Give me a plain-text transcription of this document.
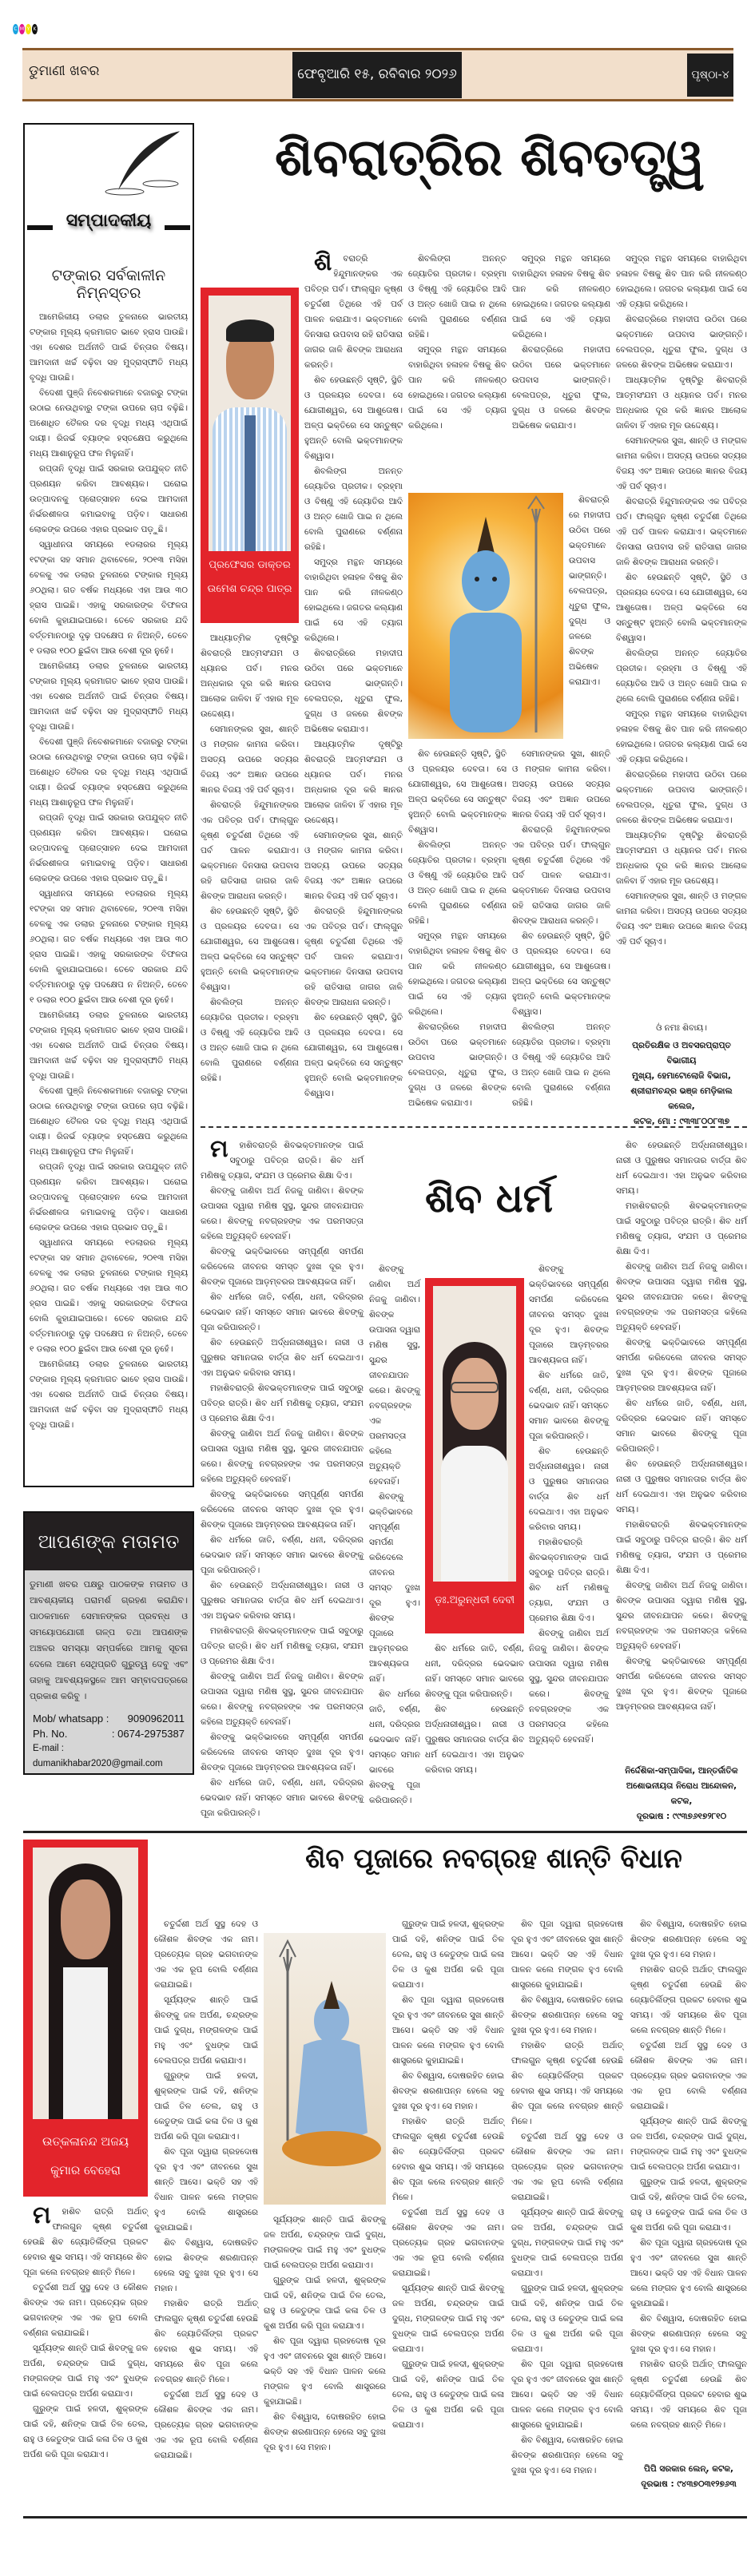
C M Y K
ଡୁମାଣୀ ଖବର	ଫେବୃଆରି ୧୫, ରବିବାର ୨୦୨୬	ପୃଷ୍ଠା-୪
ସମ୍ପାଦକୀୟ
ଟଙ୍କାର ସର୍ବକାଳୀନ ନିମ୍ନସ୍ତର

ଆମେରିକୀୟ ଡଲାର ତୁଳନାରେ ଭାରତୀୟ ଟଙ୍କାର ମୂଲ୍ୟ କ୍ରମାଗତ ଭାବେ ହ୍ରାସ ପାଉଛି। ଏହା ଦେଶର ଅର୍ଥନୀତି ପାଇଁ ଚିନ୍ତାର ବିଷୟ। ଆମଦାନୀ ଖର୍ଚ୍ଚ ବଢ଼ିବା ସହ ମୁଦ୍ରାସ୍ଫୀତି ମଧ୍ୟ ବୃଦ୍ଧି ପାଉଛି।

ବିଦେଶୀ ପୁଞ୍ଜି ନିବେଶକମାନେ ବଜାରରୁ ଟଙ୍କା ଉଠାଇ ନେଉଥିବାରୁ ଟଙ୍କା ଉପରେ ଚାପ ବଢ଼ିଛି। ଅଶୋଧିତ ତୈଳର ଦର ବୃଦ୍ଧି ମଧ୍ୟ ଏଥିପାଇଁ ଦାୟୀ। ରିଜର୍ଭ ବ୍ୟାଙ୍କ ହସ୍ତକ୍ଷେପ କରୁଥିଲେ ମଧ୍ୟ ଆଶାନୁରୂପ ଫଳ ମିଳୁନାହିଁ।

ରପ୍ତାନି ବୃଦ୍ଧି ପାଇଁ ସରକାର ଉପଯୁକ୍ତ ନୀତି ପ୍ରଣୟନ କରିବା ଆବଶ୍ୟକ। ଘରୋଇ ଉତ୍ପାଦନକୁ ପ୍ରୋତ୍ସାହନ ଦେଇ ଆମଦାନୀ ନିର୍ଭରଶୀଳତା କମାଇବାକୁ ପଡ଼ିବ। ସାଧାରଣ ଲୋକଙ୍କ ଉପରେ ଏହାର ପ୍ରଭାବ ପଡ଼ୁଛି।

ସ୍ୱାଧୀନତା ସମୟରେ ୧ଡଲାରର ମୂଲ୍ୟ ୧ଟଙ୍କା ସହ ସମାନ ଥିବାବେଳେ, ୨୦୧୩ ମସିହା ବେଳକୁ ଏକ ଡଲାର ତୁଳନାରେ ଟଙ୍କାର ମୂଲ୍ୟ ୬୦ଥିଲା। ଗତ ବର୍ଷକ ମଧ୍ୟରେ ଏହା ଆଉ ୩୦ ହ୍ରାସ ପାଇଛି। ଏହାକୁ ସରକାରଙ୍କ ବିଫଳତା ବୋଲି କୁହାଯାଇପାରେ। ତେବେ ସରକାର ଯଦି ବର୍ତ୍ତମାନଠାରୁ ଦୃଢ଼ ପଦକ୍ଷେପ ନ ନିଅନ୍ତି, ତେବେ ୧ ଡଲାର ୧୦୦ ଛୁଇଁବା ଆଉ ବେଶୀ ଦୂର ନୁହେଁ।

ଆମେରିକୀୟ ଡଲାର ତୁଳନାରେ ଭାରତୀୟ ଟଙ୍କାର ମୂଲ୍ୟ କ୍ରମାଗତ ଭାବେ ହ୍ରାସ ପାଉଛି। ଏହା ଦେଶର ଅର୍ଥନୀତି ପାଇଁ ଚିନ୍ତାର ବିଷୟ। ଆମଦାନୀ ଖର୍ଚ୍ଚ ବଢ଼ିବା ସହ ମୁଦ୍ରାସ୍ଫୀତି ମଧ୍ୟ ବୃଦ୍ଧି ପାଉଛି।

ବିଦେଶୀ ପୁଞ୍ଜି ନିବେଶକମାନେ ବଜାରରୁ ଟଙ୍କା ଉଠାଇ ନେଉଥିବାରୁ ଟଙ୍କା ଉପରେ ଚାପ ବଢ଼ିଛି। ଅଶୋଧିତ ତୈଳର ଦର ବୃଦ୍ଧି ମଧ୍ୟ ଏଥିପାଇଁ ଦାୟୀ। ରିଜର୍ଭ ବ୍ୟାଙ୍କ ହସ୍ତକ୍ଷେପ କରୁଥିଲେ ମଧ୍ୟ ଆଶାନୁରୂପ ଫଳ ମିଳୁନାହିଁ।

ରପ୍ତାନି ବୃଦ୍ଧି ପାଇଁ ସରକାର ଉପଯୁକ୍ତ ନୀତି ପ୍ରଣୟନ କରିବା ଆବଶ୍ୟକ। ଘରୋଇ ଉତ୍ପାଦନକୁ ପ୍ରୋତ୍ସାହନ ଦେଇ ଆମଦାନୀ ନିର୍ଭରଶୀଳତା କମାଇବାକୁ ପଡ଼ିବ। ସାଧାରଣ ଲୋକଙ୍କ ଉପରେ ଏହାର ପ୍ରଭାବ ପଡ଼ୁଛି।

ସ୍ୱାଧୀନତା ସମୟରେ ୧ଡଲାରର ମୂଲ୍ୟ ୧ଟଙ୍କା ସହ ସମାନ ଥିବାବେଳେ, ୨୦୧୩ ମସିହା ବେଳକୁ ଏକ ଡଲାର ତୁଳନାରେ ଟଙ୍କାର ମୂଲ୍ୟ ୬୦ଥିଲା। ଗତ ବର୍ଷକ ମଧ୍ୟରେ ଏହା ଆଉ ୩୦ ହ୍ରାସ ପାଇଛି। ଏହାକୁ ସରକାରଙ୍କ ବିଫଳତା ବୋଲି କୁହାଯାଇପାରେ। ତେବେ ସରକାର ଯଦି ବର୍ତ୍ତମାନଠାରୁ ଦୃଢ଼ ପଦକ୍ଷେପ ନ ନିଅନ୍ତି, ତେବେ ୧ ଡଲାର ୧୦୦ ଛୁଇଁବା ଆଉ ବେଶୀ ଦୂର ନୁହେଁ।

ଆମେରିକୀୟ ଡଲାର ତୁଳନାରେ ଭାରତୀୟ ଟଙ୍କାର ମୂଲ୍ୟ କ୍ରମାଗତ ଭାବେ ହ୍ରାସ ପାଉଛି। ଏହା ଦେଶର ଅର୍ଥନୀତି ପାଇଁ ଚିନ୍ତାର ବିଷୟ। ଆମଦାନୀ ଖର୍ଚ୍ଚ ବଢ଼ିବା ସହ ମୁଦ୍ରାସ୍ଫୀତି ମଧ୍ୟ ବୃଦ୍ଧି ପାଉଛି।

ବିଦେଶୀ ପୁଞ୍ଜି ନିବେଶକମାନେ ବଜାରରୁ ଟଙ୍କା ଉଠାଇ ନେଉଥିବାରୁ ଟଙ୍କା ଉପରେ ଚାପ ବଢ଼ିଛି। ଅଶୋଧିତ ତୈଳର ଦର ବୃଦ୍ଧି ମଧ୍ୟ ଏଥିପାଇଁ ଦାୟୀ। ରିଜର୍ଭ ବ୍ୟାଙ୍କ ହସ୍ତକ୍ଷେପ କରୁଥିଲେ ମଧ୍ୟ ଆଶାନୁରୂପ ଫଳ ମିଳୁନାହିଁ।

ରପ୍ତାନି ବୃଦ୍ଧି ପାଇଁ ସରକାର ଉପଯୁକ୍ତ ନୀତି ପ୍ରଣୟନ କରିବା ଆବଶ୍ୟକ। ଘରୋଇ ଉତ୍ପାଦନକୁ ପ୍ରୋତ୍ସାହନ ଦେଇ ଆମଦାନୀ ନିର୍ଭରଶୀଳତା କମାଇବାକୁ ପଡ଼ିବ। ସାଧାରଣ ଲୋକଙ୍କ ଉପରେ ଏହାର ପ୍ରଭାବ ପଡ଼ୁଛି।

ସ୍ୱାଧୀନତା ସମୟରେ ୧ଡଲାରର ମୂଲ୍ୟ ୧ଟଙ୍କା ସହ ସମାନ ଥିବାବେଳେ, ୨୦୧୩ ମସିହା ବେଳକୁ ଏକ ଡଲାର ତୁଳନାରେ ଟଙ୍କାର ମୂଲ୍ୟ ୬୦ଥିଲା। ଗତ ବର୍ଷକ ମଧ୍ୟରେ ଏହା ଆଉ ୩୦ ହ୍ରାସ ପାଇଛି। ଏହାକୁ ସରକାରଙ୍କ ବିଫଳତା ବୋଲି କୁହାଯାଇପାରେ। ତେବେ ସରକାର ଯଦି ବର୍ତ୍ତମାନଠାରୁ ଦୃଢ଼ ପଦକ୍ଷେପ ନ ନିଅନ୍ତି, ତେବେ ୧ ଡଲାର ୧୦୦ ଛୁଇଁବା ଆଉ ବେଶୀ ଦୂର ନୁହେଁ।

ଆମେରିକୀୟ ଡଲାର ତୁଳନାରେ ଭାରତୀୟ ଟଙ୍କାର ମୂଲ୍ୟ କ୍ରମାଗତ ଭାବେ ହ୍ରାସ ପାଉଛି। ଏହା ଦେଶର ଅର୍ଥନୀତି ପାଇଁ ଚିନ୍ତାର ବିଷୟ। ଆମଦାନୀ ଖର୍ଚ୍ଚ ବଢ଼ିବା ସହ ମୁଦ୍ରାସ୍ଫୀତି ମଧ୍ୟ ବୃଦ୍ଧି ପାଉଛି।

ଆପଣଙ୍କ ମତାମତ
ଡୁମାଣୀ ଖବର ପକ୍ଷରୁ ପାଠକଙ୍କ ମତାମତ ଓ ଆବଶ୍ୟକୀୟ ପରାମର୍ଶ ଗ୍ରହଣ କରାଯିବ। ପାଠକମାନେ ସେମାନଙ୍କର ପ୍ରବନ୍ଧ ଓ ସମୟୋପଯୋଗୀ ଗଳ୍ପ ତଥା ଆପଣଙ୍କ ଅଞ୍ଚଳର ସମସ୍ୟା ସମ୍ପର୍କରେ ଆମକୁ ସୂଚନା ଦେଲେ ଆମେ ସେଥିପ୍ରତି ଗୁରୁତ୍ୱ ଦେବୁ ଏବଂ ତାହାକୁ ଆବଶ୍ୟକସ୍ଥଳେ ଆମ ସମ୍ବାଦପତ୍ରରେ ପ୍ରକାଶ କରିବୁ ।
Mob/ whatsapp : 9090962011
Ph. No.	: 0674-2975387
E-mail : dumanikhabar2020@gmail.com
ଶିବରାତ୍ରିର ଶିବତତ୍ତ୍ୱ
ପ୍ରଫେସର ଡାକ୍ତର
ଉମେଶ ଚନ୍ଦ୍ର ପାତ୍ର

ଶିବରାତ୍ରି ହିନ୍ଦୁମାନଙ୍କର ଏକ ପବିତ୍ର ପର୍ବ। ଫାଲ୍ଗୁନ କୃଷ୍ଣ ଚତୁର୍ଦ୍ଦଶୀ ତିଥିରେ ଏହି ପର୍ବ ପାଳନ କରାଯାଏ। ଭକ୍ତମାନେ ଦିନସାରା ଉପବାସ ରହି ରାତିସାରା ଜାଗର ଜାଳି ଶିବଙ୍କ ଆରାଧନା କରନ୍ତି।

ଶିବ ହେଉଛନ୍ତି ସୃଷ୍ଟି, ସ୍ଥିତି ଓ ପ୍ରଳୟର ଦେବତା। ସେ ଯୋଗୀଶ୍ୱର, ସେ ଆଶୁତୋଷ। ଅଳ୍ପ ଭକ୍ତିରେ ସେ ସନ୍ତୁଷ୍ଟ ହୁଅନ୍ତି ବୋଲି ଭକ୍ତମାନଙ୍କ ବିଶ୍ୱାସ।

ଶିବଲିଙ୍ଗ ଅନନ୍ତ ଜ୍ୟୋତିର ପ୍ରତୀକ। ବ୍ରହ୍ମା ଓ ବିଷ୍ଣୁ ଏହି ଜ୍ୟୋତିର ଆଦି ଓ ଅନ୍ତ ଖୋଜି ପାଇ ନ ଥିଲେ ବୋଲି ପୁରାଣରେ ବର୍ଣ୍ଣନା ରହିଛି।

ସମୁଦ୍ର ମନ୍ଥନ ସମୟରେ ବାହାରିଥିବା ହଳାହଳ ବିଷକୁ ଶିବ ପାନ କରି ନୀଳକଣ୍ଠ ହୋଇଥିଲେ। ଜଗତର କଲ୍ୟାଣ ପାଇଁ ସେ ଏହି ତ୍ୟାଗ କରିଥିଲେ।

ଶିବରାତ୍ରିରେ ମହାଦୀପ ଉଠିବା ପରେ ଭକ୍ତମାନେ ଉପବାସ ଭାଙ୍ଗନ୍ତି। ବେଲପତ୍ର, ଧୂତୁରା ଫୁଲ, ଦୁଗ୍ଧ ଓ ଜଳରେ ଶିବଙ୍କ ଅଭିଷେକ କରାଯାଏ।

ଆଧ୍ୟାତ୍ମିକ ଦୃଷ୍ଟିରୁ ଶିବରାତ୍ରି ଆତ୍ମସଂଯମ ଓ ଧ୍ୟାନର ପର୍ବ। ମନର ଅନ୍ଧକାର ଦୂର କରି ଜ୍ଞାନର ଆଲୋକ ଜାଳିବା ହିଁ ଏହାର ମୂଳ ଉଦ୍ଦେଶ୍ୟ।

ସେମାନଙ୍କର ସୁଖ, ଶାନ୍ତି ଓ ମଙ୍ଗଳ କାମନା କରିବା। ଅସତ୍ୟ ଉପରେ ସତ୍ୟର ବିଜୟ ଏବଂ ଅଜ୍ଞାନ ଉପରେ ଜ୍ଞାନର ବିଜୟ ଏହି ପର୍ବ ସୂଚାଏ।

ଶିବରାତ୍ରି ହିନ୍ଦୁମାନଙ୍କର ଏକ ପବିତ୍ର ପର୍ବ। ଫାଲ୍ଗୁନ କୃଷ୍ଣ ଚତୁର୍ଦ୍ଦଶୀ ତିଥିରେ ଏହି ପର୍ବ ପାଳନ କରାଯାଏ। ଭକ୍ତମାନେ ଦିନସାରା ଉପବାସ ରହି ରାତିସାରା ଜାଗର ଜାଳି ଶିବଙ୍କ ଆରାଧନା କରନ୍ତି।

ଶିବ ହେଉଛନ୍ତି ସୃଷ୍ଟି, ସ୍ଥିତି ଓ ପ୍ରଳୟର ଦେବତା। ସେ ଯୋଗୀଶ୍ୱର, ସେ ଆଶୁତୋଷ। ଅଳ୍ପ ଭକ୍ତିରେ ସେ ସନ୍ତୁଷ୍ଟ ହୁଅନ୍ତି ବୋଲି ଭକ୍ତମାନଙ୍କ ବିଶ୍ୱାସ।

ଶିବଲିଙ୍ଗ ଅନନ୍ତ ଜ୍ୟୋତିର ପ୍ରତୀକ। ବ୍ରହ୍ମା ଓ ବିଷ୍ଣୁ ଏହି ଜ୍ୟୋତିର ଆଦି ଓ ଅନ୍ତ ଖୋଜି ପାଇ ନ ଥିଲେ ବୋଲି ପୁରାଣରେ ବର୍ଣ୍ଣନା ରହିଛି।

ସମୁଦ୍ର ମନ୍ଥନ ସମୟରେ ବାହାରିଥିବା ହଳାହଳ ବିଷକୁ ଶିବ ପାନ କରି ନୀଳକଣ୍ଠ ହୋଇଥିଲେ। ଜଗତର କଲ୍ୟାଣ ପାଇଁ ସେ ଏହି ତ୍ୟାଗ କରିଥିଲେ।

ସମୁଦ୍ର ମନ୍ଥନ ସମୟରେ ବାହାରିଥିବା ହଳାହଳ ବିଷକୁ ଶିବ ପାନ କରି ନୀଳକଣ୍ଠ ହୋଇଥିଲେ। ଜଗତର କଲ୍ୟାଣ ପାଇଁ ସେ ଏହି ତ୍ୟାଗ କରିଥିଲେ।

ଶିବରାତ୍ରିରେ ମହାଦୀପ ଉଠିବା ପରେ ଭକ୍ତମାନେ ଉପବାସ ଭାଙ୍ଗନ୍ତି। ବେଲପତ୍ର, ଧୂତୁରା ଫୁଲ, ଦୁଗ୍ଧ ଓ ଜଳରେ ଶିବଙ୍କ ଅଭିଷେକ କରାଯାଏ।

ଶିବରାତ୍ରିରେ ମହାଦୀପ ଉଠିବା ପରେ ଭକ୍ତମାନେ ଉପବାସ ଭାଙ୍ଗନ୍ତି। ବେଲପତ୍ର, ଧୂତୁରା ଫୁଲ, ଦୁଗ୍ଧ ଓ ଜଳରେ ଶିବଙ୍କ ଅଭିଷେକ କରାଯାଏ।

ଆଧ୍ୟାତ୍ମିକ ଦୃଷ୍ଟିରୁ ଶିବରାତ୍ରି ଆତ୍ମସଂଯମ ଓ ଧ୍ୟାନର ପର୍ବ। ମନର ଅନ୍ଧକାର ଦୂର କରି ଜ୍ଞାନର ଆଲୋକ ଜାଳିବା ହିଁ ଏହାର ମୂଳ ଉଦ୍ଦେଶ୍ୟ।

ସେମାନଙ୍କର ସୁଖ, ଶାନ୍ତି ଓ ମଙ୍ଗଳ କାମନା କରିବା। ଅସତ୍ୟ ଉପରେ ସତ୍ୟର ବିଜୟ ଏବଂ ଅଜ୍ଞାନ ଉପରେ ଜ୍ଞାନର ବିଜୟ ଏହି ପର୍ବ ସୂଚାଏ।

ଶିବରାତ୍ରି ହିନ୍ଦୁମାନଙ୍କର ଏକ ପବିତ୍ର ପର୍ବ। ଫାଲ୍ଗୁନ କୃଷ୍ଣ ଚତୁର୍ଦ୍ଦଶୀ ତିଥିରେ ଏହି ପର୍ବ ପାଳନ କରାଯାଏ। ଭକ୍ତମାନେ ଦିନସାରା ଉପବାସ ରହି ରାତିସାରା ଜାଗର ଜାଳି ଶିବଙ୍କ ଆରାଧନା କରନ୍ତି।

ଶିବ ହେଉଛନ୍ତି ସୃଷ୍ଟି, ସ୍ଥିତି ଓ ପ୍ରଳୟର ଦେବତା। ସେ ଯୋଗୀଶ୍ୱର, ସେ ଆଶୁତୋଷ। ଅଳ୍ପ ଭକ୍ତିରେ ସେ ସନ୍ତୁଷ୍ଟ ହୁଅନ୍ତି ବୋଲି ଭକ୍ତମାନଙ୍କ ବିଶ୍ୱାସ।

ଶିବଲିଙ୍ଗ ଅନନ୍ତ ଜ୍ୟୋତିର ପ୍ରତୀକ। ବ୍ରହ୍ମା ଓ ବିଷ୍ଣୁ ଏହି ଜ୍ୟୋତିର ଆଦି ଓ ଅନ୍ତ ଖୋଜି ପାଇ ନ ଥିଲେ ବୋଲି ପୁରାଣରେ ବର୍ଣ୍ଣନା ରହିଛି।

ଶିବ ହେଉଛନ୍ତି ସୃଷ୍ଟି, ସ୍ଥିତି ଓ ପ୍ରଳୟର ଦେବତା। ସେ ଯୋଗୀଶ୍ୱର, ସେ ଆଶୁତୋଷ। ଅଳ୍ପ ଭକ୍ତିରେ ସେ ସନ୍ତୁଷ୍ଟ ହୁଅନ୍ତି ବୋଲି ଭକ୍ତମାନଙ୍କ ବିଶ୍ୱାସ।

ଶିବଲିଙ୍ଗ ଅନନ୍ତ ଜ୍ୟୋତିର ପ୍ରତୀକ। ବ୍ରହ୍ମା ଓ ବିଷ୍ଣୁ ଏହି ଜ୍ୟୋତିର ଆଦି ଓ ଅନ୍ତ ଖୋଜି ପାଇ ନ ଥିଲେ ବୋଲି ପୁରାଣରେ ବର୍ଣ୍ଣନା ରହିଛି।

ସମୁଦ୍ର ମନ୍ଥନ ସମୟରେ ବାହାରିଥିବା ହଳାହଳ ବିଷକୁ ଶିବ ପାନ କରି ନୀଳକଣ୍ଠ ହୋଇଥିଲେ। ଜଗତର କଲ୍ୟାଣ ପାଇଁ ସେ ଏହି ତ୍ୟାଗ କରିଥିଲେ।

ଶିବରାତ୍ରିରେ ମହାଦୀପ ଉଠିବା ପରେ ଭକ୍ତମାନେ ଉପବାସ ଭାଙ୍ଗନ୍ତି। ବେଲପତ୍ର, ଧୂତୁରା ଫୁଲ, ଦୁଗ୍ଧ ଓ ଜଳରେ ଶିବଙ୍କ ଅଭିଷେକ କରାଯାଏ।

ସେମାନଙ୍କର ସୁଖ, ଶାନ୍ତି ଓ ମଙ୍ଗଳ କାମନା କରିବା। ଅସତ୍ୟ ଉପରେ ସତ୍ୟର ବିଜୟ ଏବଂ ଅଜ୍ଞାନ ଉପରେ ଜ୍ଞାନର ବିଜୟ ଏହି ପର୍ବ ସୂଚାଏ।

ଶିବରାତ୍ରି ହିନ୍ଦୁମାନଙ୍କର ଏକ ପବିତ୍ର ପର୍ବ। ଫାଲ୍ଗୁନ କୃଷ୍ଣ ଚତୁର୍ଦ୍ଦଶୀ ତିଥିରେ ଏହି ପର୍ବ ପାଳନ କରାଯାଏ। ଭକ୍ତମାନେ ଦିନସାରା ଉପବାସ ରହି ରାତିସାରା ଜାଗର ଜାଳି ଶିବଙ୍କ ଆରାଧନା କରନ୍ତି।

ଶିବ ହେଉଛନ୍ତି ସୃଷ୍ଟି, ସ୍ଥିତି ଓ ପ୍ରଳୟର ଦେବତା। ସେ ଯୋଗୀଶ୍ୱର, ସେ ଆଶୁତୋଷ। ଅଳ୍ପ ଭକ୍ତିରେ ସେ ସନ୍ତୁଷ୍ଟ ହୁଅନ୍ତି ବୋଲି ଭକ୍ତମାନଙ୍କ ବିଶ୍ୱାସ।

ଶିବଲିଙ୍ଗ ଅନନ୍ତ ଜ୍ୟୋତିର ପ୍ରତୀକ। ବ୍ରହ୍ମା ଓ ବିଷ୍ଣୁ ଏହି ଜ୍ୟୋତିର ଆଦି ଓ ଅନ୍ତ ଖୋଜି ପାଇ ନ ଥିଲେ ବୋଲି ପୁରାଣରେ ବର୍ଣ୍ଣନା ରହିଛି।

ସମୁଦ୍ର ମନ୍ଥନ ସମୟରେ ବାହାରିଥିବା ହଳାହଳ ବିଷକୁ ଶିବ ପାନ କରି ନୀଳକଣ୍ଠ ହୋଇଥିଲେ। ଜଗତର କଲ୍ୟାଣ ପାଇଁ ସେ ଏହି ତ୍ୟାଗ କରିଥିଲେ।

ଶିବରାତ୍ରିରେ ମହାଦୀପ ଉଠିବା ପରେ ଭକ୍ତମାନେ ଉପବାସ ଭାଙ୍ଗନ୍ତି। ବେଲପତ୍ର, ଧୂତୁରା ଫୁଲ, ଦୁଗ୍ଧ ଓ ଜଳରେ ଶିବଙ୍କ ଅଭିଷେକ କରାଯାଏ।

ଆଧ୍ୟାତ୍ମିକ ଦୃଷ୍ଟିରୁ ଶିବରାତ୍ରି ଆତ୍ମସଂଯମ ଓ ଧ୍ୟାନର ପର୍ବ। ମନର ଅନ୍ଧକାର ଦୂର କରି ଜ୍ଞାନର ଆଲୋକ ଜାଳିବା ହିଁ ଏହାର ମୂଳ ଉଦ୍ଦେଶ୍ୟ।

ସେମାନଙ୍କର ସୁଖ, ଶାନ୍ତି ଓ ମଙ୍ଗଳ କାମନା କରିବା। ଅସତ୍ୟ ଉପରେ ସତ୍ୟର ବିଜୟ ଏବଂ ଅଜ୍ଞାନ ଉପରେ ଜ୍ଞାନର ବିଜୟ ଏହି ପର୍ବ ସୂଚାଏ।

ଶିବରାତ୍ରି ହିନ୍ଦୁମାନଙ୍କର ଏକ ପବିତ୍ର ପର୍ବ। ଫାଲ୍ଗୁନ କୃଷ୍ଣ ଚତୁର୍ଦ୍ଦଶୀ ତିଥିରେ ଏହି ପର୍ବ ପାଳନ କରାଯାଏ। ଭକ୍ତମାନେ ଦିନସାରା ଉପବାସ ରହି ରାତିସାରା ଜାଗର ଜାଳି ଶିବଙ୍କ ଆରାଧନା କରନ୍ତି।

ଶିବ ହେଉଛନ୍ତି ସୃଷ୍ଟି, ସ୍ଥିତି ଓ ପ୍ରଳୟର ଦେବତା। ସେ ଯୋଗୀଶ୍ୱର, ସେ ଆଶୁତୋଷ। ଅଳ୍ପ ଭକ୍ତିରେ ସେ ସନ୍ତୁଷ୍ଟ ହୁଅନ୍ତି ବୋଲି ଭକ୍ତମାନଙ୍କ ବିଶ୍ୱାସ।

ଶିବଲିଙ୍ଗ ଅନନ୍ତ ଜ୍ୟୋତିର ପ୍ରତୀକ। ବ୍ରହ୍ମା ଓ ବିଷ୍ଣୁ ଏହି ଜ୍ୟୋତିର ଆଦି ଓ ଅନ୍ତ ଖୋଜି ପାଇ ନ ଥିଲେ ବୋଲି ପୁରାଣରେ ବର୍ଣ୍ଣନା ରହିଛି।

ସମୁଦ୍ର ମନ୍ଥନ ସମୟରେ ବାହାରିଥିବା ହଳାହଳ ବିଷକୁ ଶିବ ପାନ କରି ନୀଳକଣ୍ଠ ହୋଇଥିଲେ। ଜଗତର କଲ୍ୟାଣ ପାଇଁ ସେ ଏହି ତ୍ୟାଗ କରିଥିଲେ।

ଶିବରାତ୍ରିରେ ମହାଦୀପ ଉଠିବା ପରେ ଭକ୍ତମାନେ ଉପବାସ ଭାଙ୍ଗନ୍ତି। ବେଲପତ୍ର, ଧୂତୁରା ଫୁଲ, ଦୁଗ୍ଧ ଓ ଜଳରେ ଶିବଙ୍କ ଅଭିଷେକ କରାଯାଏ।

ଆଧ୍ୟାତ୍ମିକ ଦୃଷ୍ଟିରୁ ଶିବରାତ୍ରି ଆତ୍ମସଂଯମ ଓ ଧ୍ୟାନର ପର୍ବ। ମନର ଅନ୍ଧକାର ଦୂର କରି ଜ୍ଞାନର ଆଲୋକ ଜାଳିବା ହିଁ ଏହାର ମୂଳ ଉଦ୍ଦେଶ୍ୟ।

ସେମାନଙ୍କର ସୁଖ, ଶାନ୍ତି ଓ ମଙ୍ଗଳ କାମନା କରିବା। ଅସତ୍ୟ ଉପରେ ସତ୍ୟର ବିଜୟ ଏବଂ ଅଜ୍ଞାନ ଉପରେ ଜ୍ଞାନର ବିଜୟ ଏହି ପର୍ବ ସୂଚାଏ।

ଓଁ ନମଃ ଶିବାୟ।
ପ୍ରତିରକ୍ଷିକ ଓ ଅବସରପ୍ରାପ୍ତ ବିଭାଗୀୟ
ମୁଖ୍ୟ, ହେମାଟୋଲୋଜି ବିଭାଗ,
ଶ୍ରୀରାମଚନ୍ଦ୍ର ଭଞ୍ଜ ମେଡ଼ିକାଲ କଲେଜ,
କଟକ, ମୋ : ୯୩୩୮୦୦୮୩୭

ମହାଶିବରାତ୍ରି ଶିବଭକ୍ତମାନଙ୍କ ପାଇଁ ସବୁଠାରୁ ପବିତ୍ର ରାତ୍ରି। ଶିବ ଧର୍ମ ମଣିଷକୁ ତ୍ୟାଗ, ସଂଯମ ଓ ପ୍ରେମର ଶିକ୍ଷା ଦିଏ।

ଶିବଙ୍କୁ ଜାଣିବା ଅର୍ଥ ନିଜକୁ ଜାଣିବା। ଶିବଙ୍କ ଉପାସନା ଦ୍ୱାରା ମଣିଷ ସୁସ୍ଥ, ସୁନ୍ଦର ଜୀବନଯାପନ କରେ। ଶିବଙ୍କୁ ନବଗ୍ରହଙ୍କ ଏକ ପରମସତ୍ତା କହିଲେ ଅତ୍ୟୁକ୍ତି ହେବନାହିଁ।

ଶିବଙ୍କୁ ଭକ୍ତିଭାବରେ ସମ୍ପୂର୍ଣ୍ଣ ସମର୍ପଣ କରିଦେଲେ ଜୀବନର ସମସ୍ତ ଦୁଃଖ ଦୂର ହୁଏ। ଶିବଙ୍କ ପୂଜାରେ ଆଡ଼ମ୍ବରର ଆବଶ୍ୟକତା ନାହିଁ।

ଶିବ ଧର୍ମରେ ଜାତି, ବର୍ଣ୍ଣ, ଧନୀ, ଦରିଦ୍ରର ଭେଦଭାବ ନାହିଁ। ସମସ୍ତେ ସମାନ ଭାବରେ ଶିବଙ୍କୁ ପୂଜା କରିପାରନ୍ତି।

ଶିବ ହେଉଛନ୍ତି ଅର୍ଦ୍ଧନାରୀଶ୍ୱର। ନାରୀ ଓ ପୁରୁଷର ସମାନତାର ବାର୍ତ୍ତା ଶିବ ଧର୍ମ ଦେଇଥାଏ। ଏହା ଅନୁଭବ କରିବାର ସମୟ।

ମହାଶିବରାତ୍ରି ଶିବଭକ୍ତମାନଙ୍କ ପାଇଁ ସବୁଠାରୁ ପବିତ୍ର ରାତ୍ରି। ଶିବ ଧର୍ମ ମଣିଷକୁ ତ୍ୟାଗ, ସଂଯମ ଓ ପ୍ରେମର ଶିକ୍ଷା ଦିଏ।

ଶିବଙ୍କୁ ଜାଣିବା ଅର୍ଥ ନିଜକୁ ଜାଣିବା। ଶିବଙ୍କ ଉପାସନା ଦ୍ୱାରା ମଣିଷ ସୁସ୍ଥ, ସୁନ୍ଦର ଜୀବନଯାପନ କରେ। ଶିବଙ୍କୁ ନବଗ୍ରହଙ୍କ ଏକ ପରମସତ୍ତା କହିଲେ ଅତ୍ୟୁକ୍ତି ହେବନାହିଁ।

ଶିବଙ୍କୁ ଭକ୍ତିଭାବରେ ସମ୍ପୂର୍ଣ୍ଣ ସମର୍ପଣ କରିଦେଲେ ଜୀବନର ସମସ୍ତ ଦୁଃଖ ଦୂର ହୁଏ। ଶିବଙ୍କ ପୂଜାରେ ଆଡ଼ମ୍ବରର ଆବଶ୍ୟକତା ନାହିଁ।

ଶିବ ଧର୍ମରେ ଜାତି, ବର୍ଣ୍ଣ, ଧନୀ, ଦରିଦ୍ରର ଭେଦଭାବ ନାହିଁ। ସମସ୍ତେ ସମାନ ଭାବରେ ଶିବଙ୍କୁ ପୂଜା କରିପାରନ୍ତି।

ଶିବ ହେଉଛନ୍ତି ଅର୍ଦ୍ଧନାରୀଶ୍ୱର। ନାରୀ ଓ ପୁରୁଷର ସମାନତାର ବାର୍ତ୍ତା ଶିବ ଧର୍ମ ଦେଇଥାଏ। ଏହା ଅନୁଭବ କରିବାର ସମୟ।

ମହାଶିବରାତ୍ରି ଶିବଭକ୍ତମାନଙ୍କ ପାଇଁ ସବୁଠାରୁ ପବିତ୍ର ରାତ୍ରି। ଶିବ ଧର୍ମ ମଣିଷକୁ ତ୍ୟାଗ, ସଂଯମ ଓ ପ୍ରେମର ଶିକ୍ଷା ଦିଏ।

ଶିବଙ୍କୁ ଜାଣିବା ଅର୍ଥ ନିଜକୁ ଜାଣିବା। ଶିବଙ୍କ ଉପାସନା ଦ୍ୱାରା ମଣିଷ ସୁସ୍ଥ, ସୁନ୍ଦର ଜୀବନଯାପନ କରେ। ଶିବଙ୍କୁ ନବଗ୍ରହଙ୍କ ଏକ ପରମସତ୍ତା କହିଲେ ଅତ୍ୟୁକ୍ତି ହେବନାହିଁ।

ଶିବଙ୍କୁ ଭକ୍ତିଭାବରେ ସମ୍ପୂର୍ଣ୍ଣ ସମର୍ପଣ କରିଦେଲେ ଜୀବନର ସମସ୍ତ ଦୁଃଖ ଦୂର ହୁଏ। ଶିବଙ୍କ ପୂଜାରେ ଆଡ଼ମ୍ବରର ଆବଶ୍ୟକତା ନାହିଁ।

ଶିବ ଧର୍ମରେ ଜାତି, ବର୍ଣ୍ଣ, ଧନୀ, ଦରିଦ୍ରର ଭେଦଭାବ ନାହିଁ। ସମସ୍ତେ ସମାନ ଭାବରେ ଶିବଙ୍କୁ ପୂଜା କରିପାରନ୍ତି।

ଶିବ ଧର୍ମ

ଶିବଙ୍କୁ ଜାଣିବା ଅର୍ଥ ନିଜକୁ ଜାଣିବା। ଶିବଙ୍କ ଉପାସନା ଦ୍ୱାରା ମଣିଷ ସୁସ୍ଥ, ସୁନ୍ଦର ଜୀବନଯାପନ କରେ। ଶିବଙ୍କୁ ନବଗ୍ରହଙ୍କ ଏକ ପରମସତ୍ତା କହିଲେ ଅତ୍ୟୁକ୍ତି ହେବନାହିଁ।

ଶିବଙ୍କୁ ଭକ୍ତିଭାବରେ ସମ୍ପୂର୍ଣ୍ଣ ସମର୍ପଣ କରିଦେଲେ ଜୀବନର ସମସ୍ତ ଦୁଃଖ ଦୂର ହୁଏ। ଶିବଙ୍କ ପୂଜାରେ ଆଡ଼ମ୍ବରର ଆବଶ୍ୟକତା ନାହିଁ।

ଶିବ ଧର୍ମରେ ଜାତି, ବର୍ଣ୍ଣ, ଧନୀ, ଦରିଦ୍ରର ଭେଦଭାବ ନାହିଁ। ସମସ୍ତେ ସମାନ ଭାବରେ ଶିବଙ୍କୁ ପୂଜା କରିପାରନ୍ତି।

ଡ଼ଃ.ଅରୁନ୍ଧତୀ ଦେବୀ

ଶିବ ଧର୍ମରେ ଜାତି, ବର୍ଣ୍ଣ, ଧନୀ, ଦରିଦ୍ରର ଭେଦଭାବ ନାହିଁ। ସମସ୍ତେ ସମାନ ଭାବରେ ଶିବଙ୍କୁ ପୂଜା କରିପାରନ୍ତି।

ଶିବ ହେଉଛନ୍ତି ଅର୍ଦ୍ଧନାରୀଶ୍ୱର। ନାରୀ ଓ ପୁରୁଷର ସମାନତାର ବାର୍ତ୍ତା ଶିବ ଧର୍ମ ଦେଇଥାଏ। ଏହା ଅନୁଭବ କରିବାର ସମୟ।

ଶିବଙ୍କୁ ଭକ୍ତିଭାବରେ ସମ୍ପୂର୍ଣ୍ଣ ସମର୍ପଣ କରିଦେଲେ ଜୀବନର ସମସ୍ତ ଦୁଃଖ ଦୂର ହୁଏ। ଶିବଙ୍କ ପୂଜାରେ ଆଡ଼ମ୍ବରର ଆବଶ୍ୟକତା ନାହିଁ।

ଶିବ ଧର୍ମରେ ଜାତି, ବର୍ଣ୍ଣ, ଧନୀ, ଦରିଦ୍ରର ଭେଦଭାବ ନାହିଁ। ସମସ୍ତେ ସମାନ ଭାବରେ ଶିବଙ୍କୁ ପୂଜା କରିପାରନ୍ତି।

ଶିବ ହେଉଛନ୍ତି ଅର୍ଦ୍ଧନାରୀଶ୍ୱର। ନାରୀ ଓ ପୁରୁଷର ସମାନତାର ବାର୍ତ୍ତା ଶିବ ଧର୍ମ ଦେଇଥାଏ। ଏହା ଅନୁଭବ କରିବାର ସମୟ।

ମହାଶିବରାତ୍ରି ଶିବଭକ୍ତମାନଙ୍କ ପାଇଁ ସବୁଠାରୁ ପବିତ୍ର ରାତ୍ରି। ଶିବ ଧର୍ମ ମଣିଷକୁ ତ୍ୟାଗ, ସଂଯମ ଓ ପ୍ରେମର ଶିକ୍ଷା ଦିଏ।

ଶିବଙ୍କୁ ଜାଣିବା ଅର୍ଥ ନିଜକୁ ଜାଣିବା। ଶିବଙ୍କ ଉପାସନା ଦ୍ୱାରା ମଣିଷ ସୁସ୍ଥ, ସୁନ୍ଦର ଜୀବନଯାପନ କରେ। ଶିବଙ୍କୁ ନବଗ୍ରହଙ୍କ ଏକ ପରମସତ୍ତା କହିଲେ ଅତ୍ୟୁକ୍ତି ହେବନାହିଁ।

ଶିବ ହେଉଛନ୍ତି ଅର୍ଦ୍ଧନାରୀଶ୍ୱର। ନାରୀ ଓ ପୁରୁଷର ସମାନତାର ବାର୍ତ୍ତା ଶିବ ଧର୍ମ ଦେଇଥାଏ। ଏହା ଅନୁଭବ କରିବାର ସମୟ।

ମହାଶିବରାତ୍ରି ଶିବଭକ୍ତମାନଙ୍କ ପାଇଁ ସବୁଠାରୁ ପବିତ୍ର ରାତ୍ରି। ଶିବ ଧର୍ମ ମଣିଷକୁ ତ୍ୟାଗ, ସଂଯମ ଓ ପ୍ରେମର ଶିକ୍ଷା ଦିଏ।

ଶିବଙ୍କୁ ଜାଣିବା ଅର୍ଥ ନିଜକୁ ଜାଣିବା। ଶିବଙ୍କ ଉପାସନା ଦ୍ୱାରା ମଣିଷ ସୁସ୍ଥ, ସୁନ୍ଦର ଜୀବନଯାପନ କରେ। ଶିବଙ୍କୁ ନବଗ୍ରହଙ୍କ ଏକ ପରମସତ୍ତା କହିଲେ ଅତ୍ୟୁକ୍ତି ହେବନାହିଁ।

ଶିବଙ୍କୁ ଭକ୍ତିଭାବରେ ସମ୍ପୂର୍ଣ୍ଣ ସମର୍ପଣ କରିଦେଲେ ଜୀବନର ସମସ୍ତ ଦୁଃଖ ଦୂର ହୁଏ। ଶିବଙ୍କ ପୂଜାରେ ଆଡ଼ମ୍ବରର ଆବଶ୍ୟକତା ନାହିଁ।

ଶିବ ଧର୍ମରେ ଜାତି, ବର୍ଣ୍ଣ, ଧନୀ, ଦରିଦ୍ରର ଭେଦଭାବ ନାହିଁ। ସମସ୍ତେ ସମାନ ଭାବରେ ଶିବଙ୍କୁ ପୂଜା କରିପାରନ୍ତି।

ଶିବ ହେଉଛନ୍ତି ଅର୍ଦ୍ଧନାରୀଶ୍ୱର। ନାରୀ ଓ ପୁରୁଷର ସମାନତାର ବାର୍ତ୍ତା ଶିବ ଧର୍ମ ଦେଇଥାଏ। ଏହା ଅନୁଭବ କରିବାର ସମୟ।

ମହାଶିବରାତ୍ରି ଶିବଭକ୍ତମାନଙ୍କ ପାଇଁ ସବୁଠାରୁ ପବିତ୍ର ରାତ୍ରି। ଶିବ ଧର୍ମ ମଣିଷକୁ ତ୍ୟାଗ, ସଂଯମ ଓ ପ୍ରେମର ଶିକ୍ଷା ଦିଏ।

ଶିବଙ୍କୁ ଜାଣିବା ଅର୍ଥ ନିଜକୁ ଜାଣିବା। ଶିବଙ୍କ ଉପାସନା ଦ୍ୱାରା ମଣିଷ ସୁସ୍ଥ, ସୁନ୍ଦର ଜୀବନଯାପନ କରେ। ଶିବଙ୍କୁ ନବଗ୍ରହଙ୍କ ଏକ ପରମସତ୍ତା କହିଲେ ଅତ୍ୟୁକ୍ତି ହେବନାହିଁ।

ଶିବଙ୍କୁ ଭକ୍ତିଭାବରେ ସମ୍ପୂର୍ଣ୍ଣ ସମର୍ପଣ କରିଦେଲେ ଜୀବନର ସମସ୍ତ ଦୁଃଖ ଦୂର ହୁଏ। ଶିବଙ୍କ ପୂଜାରେ ଆଡ଼ମ୍ବରର ଆବଶ୍ୟକତା ନାହିଁ।

ନିର୍ଦ୍ଦେଶିକା-ସମ୍ପାଦିକା, ଆନ୍ତର୍ଜାତିକ
ଅଶୋଭନୀୟତା ନିରୋଧ ଆନ୍ଦୋଳନ, କଟକ,
ଦୂରଭାଷ : ୯୯୩୭୬୧୭୨୮୧୦
ଉତ୍କଳାନନ୍ଦ ଅଜୟ
କୁମାର ବେହେରା
ଶିବ ପୂଜାରେ ନବଗ୍ରହ ଶାନ୍ତି ବିଧାନ

ଚତୁର୍ଦ୍ଦଶୀ ଅର୍ଥ ସୁସ୍ଥ ଦେହ ଓ କୌଶଳ ଶିବଙ୍କ ଏକ ନାମ। ପ୍ରତ୍ୟେକ ଗ୍ରହ ଭଗବାନଙ୍କ ଏକ ଏକ ରୂପ ବୋଲି ବର୍ଣ୍ଣନା କରାଯାଇଛି।

ସୂର୍ଯ୍ୟଙ୍କ ଶାନ୍ତି ପାଇଁ ଶିବଙ୍କୁ ଜଳ ଅର୍ପଣ, ଚନ୍ଦ୍ରଙ୍କ ପାଇଁ ଦୁଗ୍ଧ, ମଙ୍ଗଳଙ୍କ ପାଇଁ ମହୁ ଏବଂ ବୁଧଙ୍କ ପାଇଁ ବେଲପତ୍ର ଅର୍ପଣ କରାଯାଏ।

ଗୁରୁଙ୍କ ପାଇଁ ହଳଦୀ, ଶୁକ୍ରଙ୍କ ପାଇଁ ଦହି, ଶନିଙ୍କ ପାଇଁ ତିଳ ତେଲ, ରାହୁ ଓ କେତୁଙ୍କ ପାଇଁ କଳା ତିଳ ଓ କୁଶ ଅର୍ପଣ କରି ପୂଜା କରାଯାଏ।

ଶିବ ପୂଜା ଦ୍ୱାରା ଗ୍ରହଦୋଷ ଦୂର ହୁଏ ଏବଂ ଜୀବନରେ ସୁଖ ଶାନ୍ତି ଆସେ। ଭକ୍ତି ସହ ଏହି ବିଧାନ ପାଳନ କଲେ ମଙ୍ଗଳ ହୁଏ ବୋଲି ଶାସ୍ତ୍ରରେ କୁହାଯାଇଛି।

ଶିବ ବିଶ୍ୱାସ, ଦୋଷରହିତ ହୋଇ ଶିବଙ୍କ ଶରଣାପନ୍ନ ହେଲେ ସବୁ ଦୁଃଖ ଦୂର ହୁଏ। ସେ ମହାନ।

ମହାଶିବ ରାତ୍ରି ଅର୍ଥାତ୍ ଫାଲଗୁନ କୃଷ୍ଣ ଚତୁର୍ଦ୍ଦଶୀ ହେଉଛି ଶିବ ଜ୍ୟୋତିର୍ଲିଙ୍ଗ ପ୍ରକଟ ହେବାର ଶୁଭ ସମୟ। ଏହି ସମୟରେ ଶିବ ପୂଜା କଲେ ନବଗ୍ରହ ଶାନ୍ତି ମିଳେ।

ଚତୁର୍ଦ୍ଦଶୀ ଅର୍ଥ ସୁସ୍ଥ ଦେହ ଓ କୌଶଳ ଶିବଙ୍କ ଏକ ନାମ। ପ୍ରତ୍ୟେକ ଗ୍ରହ ଭଗବାନଙ୍କ ଏକ ଏକ ରୂପ ବୋଲି ବର୍ଣ୍ଣନା କରାଯାଇଛି।

ମହାଶିବ ରାତ୍ରି ଅର୍ଥାତ୍ ଫାଲଗୁନ କୃଷ୍ଣ ଚତୁର୍ଦ୍ଦଶୀ ହେଉଛି ଶିବ ଜ୍ୟୋତିର୍ଲିଙ୍ଗ ପ୍ରକଟ ହେବାର ଶୁଭ ସମୟ। ଏହି ସମୟରେ ଶିବ ପୂଜା କଲେ ନବଗ୍ରହ ଶାନ୍ତି ମିଳେ।

ଚତୁର୍ଦ୍ଦଶୀ ଅର୍ଥ ସୁସ୍ଥ ଦେହ ଓ କୌଶଳ ଶିବଙ୍କ ଏକ ନାମ। ପ୍ରତ୍ୟେକ ଗ୍ରହ ଭଗବାନଙ୍କ ଏକ ଏକ ରୂପ ବୋଲି ବର୍ଣ୍ଣନା କରାଯାଇଛି।

ସୂର୍ଯ୍ୟଙ୍କ ଶାନ୍ତି ପାଇଁ ଶିବଙ୍କୁ ଜଳ ଅର୍ପଣ, ଚନ୍ଦ୍ରଙ୍କ ପାଇଁ ଦୁଗ୍ଧ, ମଙ୍ଗଳଙ୍କ ପାଇଁ ମହୁ ଏବଂ ବୁଧଙ୍କ ପାଇଁ ବେଲପତ୍ର ଅର୍ପଣ କରାଯାଏ।

ଗୁରୁଙ୍କ ପାଇଁ ହଳଦୀ, ଶୁକ୍ରଙ୍କ ପାଇଁ ଦହି, ଶନିଙ୍କ ପାଇଁ ତିଳ ତେଲ, ରାହୁ ଓ କେତୁଙ୍କ ପାଇଁ କଳା ତିଳ ଓ କୁଶ ଅର୍ପଣ କରି ପୂଜା କରାଯାଏ।

ସୂର୍ଯ୍ୟଙ୍କ ଶାନ୍ତି ପାଇଁ ଶିବଙ୍କୁ ଜଳ ଅର୍ପଣ, ଚନ୍ଦ୍ରଙ୍କ ପାଇଁ ଦୁଗ୍ଧ, ମଙ୍ଗଳଙ୍କ ପାଇଁ ମହୁ ଏବଂ ବୁଧଙ୍କ ପାଇଁ ବେଲପତ୍ର ଅର୍ପଣ କରାଯାଏ।

ଗୁରୁଙ୍କ ପାଇଁ ହଳଦୀ, ଶୁକ୍ରଙ୍କ ପାଇଁ ଦହି, ଶନିଙ୍କ ପାଇଁ ତିଳ ତେଲ, ରାହୁ ଓ କେତୁଙ୍କ ପାଇଁ କଳା ତିଳ ଓ କୁଶ ଅର୍ପଣ କରି ପୂଜା କରାଯାଏ।

ଶିବ ପୂଜା ଦ୍ୱାରା ଗ୍ରହଦୋଷ ଦୂର ହୁଏ ଏବଂ ଜୀବନରେ ସୁଖ ଶାନ୍ତି ଆସେ। ଭକ୍ତି ସହ ଏହି ବିଧାନ ପାଳନ କଲେ ମଙ୍ଗଳ ହୁଏ ବୋଲି ଶାସ୍ତ୍ରରେ କୁହାଯାଇଛି।

ଶିବ ବିଶ୍ୱାସ, ଦୋଷରହିତ ହୋଇ ଶିବଙ୍କ ଶରଣାପନ୍ନ ହେଲେ ସବୁ ଦୁଃଖ ଦୂର ହୁଏ। ସେ ମହାନ।

ଗୁରୁଙ୍କ ପାଇଁ ହଳଦୀ, ଶୁକ୍ରଙ୍କ ପାଇଁ ଦହି, ଶନିଙ୍କ ପାଇଁ ତିଳ ତେଲ, ରାହୁ ଓ କେତୁଙ୍କ ପାଇଁ କଳା ତିଳ ଓ କୁଶ ଅର୍ପଣ କରି ପୂଜା କରାଯାଏ।

ଶିବ ପୂଜା ଦ୍ୱାରା ଗ୍ରହଦୋଷ ଦୂର ହୁଏ ଏବଂ ଜୀବନରେ ସୁଖ ଶାନ୍ତି ଆସେ। ଭକ୍ତି ସହ ଏହି ବିଧାନ ପାଳନ କଲେ ମଙ୍ଗଳ ହୁଏ ବୋଲି ଶାସ୍ତ୍ରରେ କୁହାଯାଇଛି।

ଶିବ ବିଶ୍ୱାସ, ଦୋଷରହିତ ହୋଇ ଶିବଙ୍କ ଶରଣାପନ୍ନ ହେଲେ ସବୁ ଦୁଃଖ ଦୂର ହୁଏ। ସେ ମହାନ।

ମହାଶିବ ରାତ୍ରି ଅର୍ଥାତ୍ ଫାଲଗୁନ କୃଷ୍ଣ ଚତୁର୍ଦ୍ଦଶୀ ହେଉଛି ଶିବ ଜ୍ୟୋତିର୍ଲିଙ୍ଗ ପ୍ରକଟ ହେବାର ଶୁଭ ସମୟ। ଏହି ସମୟରେ ଶିବ ପୂଜା କଲେ ନବଗ୍ରହ ଶାନ୍ତି ମିଳେ।

ଚତୁର୍ଦ୍ଦଶୀ ଅର୍ଥ ସୁସ୍ଥ ଦେହ ଓ କୌଶଳ ଶିବଙ୍କ ଏକ ନାମ। ପ୍ରତ୍ୟେକ ଗ୍ରହ ଭଗବାନଙ୍କ ଏକ ଏକ ରୂପ ବୋଲି ବର୍ଣ୍ଣନା କରାଯାଇଛି।

ସୂର୍ଯ୍ୟଙ୍କ ଶାନ୍ତି ପାଇଁ ଶିବଙ୍କୁ ଜଳ ଅର୍ପଣ, ଚନ୍ଦ୍ରଙ୍କ ପାଇଁ ଦୁଗ୍ଧ, ମଙ୍ଗଳଙ୍କ ପାଇଁ ମହୁ ଏବଂ ବୁଧଙ୍କ ପାଇଁ ବେଲପତ୍ର ଅର୍ପଣ କରାଯାଏ।

ଗୁରୁଙ୍କ ପାଇଁ ହଳଦୀ, ଶୁକ୍ରଙ୍କ ପାଇଁ ଦହି, ଶନିଙ୍କ ପାଇଁ ତିଳ ତେଲ, ରାହୁ ଓ କେତୁଙ୍କ ପାଇଁ କଳା ତିଳ ଓ କୁଶ ଅର୍ପଣ କରି ପୂଜା କରାଯାଏ।

ଶିବ ପୂଜା ଦ୍ୱାରା ଗ୍ରହଦୋଷ ଦୂର ହୁଏ ଏବଂ ଜୀବନରେ ସୁଖ ଶାନ୍ତି ଆସେ। ଭକ୍ତି ସହ ଏହି ବିଧାନ ପାଳନ କଲେ ମଙ୍ଗଳ ହୁଏ ବୋଲି ଶାସ୍ତ୍ରରେ କୁହାଯାଇଛି।

ଶିବ ବିଶ୍ୱାସ, ଦୋଷରହିତ ହୋଇ ଶିବଙ୍କ ଶରଣାପନ୍ନ ହେଲେ ସବୁ ଦୁଃଖ ଦୂର ହୁଏ। ସେ ମହାନ।

ମହାଶିବ ରାତ୍ରି ଅର୍ଥାତ୍ ଫାଲଗୁନ କୃଷ୍ଣ ଚତୁର୍ଦ୍ଦଶୀ ହେଉଛି ଶିବ ଜ୍ୟୋତିର୍ଲିଙ୍ଗ ପ୍ରକଟ ହେବାର ଶୁଭ ସମୟ। ଏହି ସମୟରେ ଶିବ ପୂଜା କଲେ ନବଗ୍ରହ ଶାନ୍ତି ମିଳେ।

ଚତୁର୍ଦ୍ଦଶୀ ଅର୍ଥ ସୁସ୍ଥ ଦେହ ଓ କୌଶଳ ଶିବଙ୍କ ଏକ ନାମ। ପ୍ରତ୍ୟେକ ଗ୍ରହ ଭଗବାନଙ୍କ ଏକ ଏକ ରୂପ ବୋଲି ବର୍ଣ୍ଣନା କରାଯାଇଛି।

ସୂର୍ଯ୍ୟଙ୍କ ଶାନ୍ତି ପାଇଁ ଶିବଙ୍କୁ ଜଳ ଅର୍ପଣ, ଚନ୍ଦ୍ରଙ୍କ ପାଇଁ ଦୁଗ୍ଧ, ମଙ୍ଗଳଙ୍କ ପାଇଁ ମହୁ ଏବଂ ବୁଧଙ୍କ ପାଇଁ ବେଲପତ୍ର ଅର୍ପଣ କରାଯାଏ।

ଗୁରୁଙ୍କ ପାଇଁ ହଳଦୀ, ଶୁକ୍ରଙ୍କ ପାଇଁ ଦହି, ଶନିଙ୍କ ପାଇଁ ତିଳ ତେଲ, ରାହୁ ଓ କେତୁଙ୍କ ପାଇଁ କଳା ତିଳ ଓ କୁଶ ଅର୍ପଣ କରି ପୂଜା କରାଯାଏ।

ଶିବ ପୂଜା ଦ୍ୱାରା ଗ୍ରହଦୋଷ ଦୂର ହୁଏ ଏବଂ ଜୀବନରେ ସୁଖ ଶାନ୍ତି ଆସେ। ଭକ୍ତି ସହ ଏହି ବିଧାନ ପାଳନ କଲେ ମଙ୍ଗଳ ହୁଏ ବୋଲି ଶାସ୍ତ୍ରରେ କୁହାଯାଇଛି।

ଶିବ ବିଶ୍ୱାସ, ଦୋଷରହିତ ହୋଇ ଶିବଙ୍କ ଶରଣାପନ୍ନ ହେଲେ ସବୁ ଦୁଃଖ ଦୂର ହୁଏ। ସେ ମହାନ।

ଶିବ ବିଶ୍ୱାସ, ଦୋଷରହିତ ହୋଇ ଶିବଙ୍କ ଶରଣାପନ୍ନ ହେଲେ ସବୁ ଦୁଃଖ ଦୂର ହୁଏ। ସେ ମହାନ।

ମହାଶିବ ରାତ୍ରି ଅର୍ଥାତ୍ ଫାଲଗୁନ କୃଷ୍ଣ ଚତୁର୍ଦ୍ଦଶୀ ହେଉଛି ଶିବ ଜ୍ୟୋତିର୍ଲିଙ୍ଗ ପ୍ରକଟ ହେବାର ଶୁଭ ସମୟ। ଏହି ସମୟରେ ଶିବ ପୂଜା କଲେ ନବଗ୍ରହ ଶାନ୍ତି ମିଳେ।

ଚତୁର୍ଦ୍ଦଶୀ ଅର୍ଥ ସୁସ୍ଥ ଦେହ ଓ କୌଶଳ ଶିବଙ୍କ ଏକ ନାମ। ପ୍ରତ୍ୟେକ ଗ୍ରହ ଭଗବାନଙ୍କ ଏକ ଏକ ରୂପ ବୋଲି ବର୍ଣ୍ଣନା କରାଯାଇଛି।

ସୂର୍ଯ୍ୟଙ୍କ ଶାନ୍ତି ପାଇଁ ଶିବଙ୍କୁ ଜଳ ଅର୍ପଣ, ଚନ୍ଦ୍ରଙ୍କ ପାଇଁ ଦୁଗ୍ଧ, ମଙ୍ଗଳଙ୍କ ପାଇଁ ମହୁ ଏବଂ ବୁଧଙ୍କ ପାଇଁ ବେଲପତ୍ର ଅର୍ପଣ କରାଯାଏ।

ଗୁରୁଙ୍କ ପାଇଁ ହଳଦୀ, ଶୁକ୍ରଙ୍କ ପାଇଁ ଦହି, ଶନିଙ୍କ ପାଇଁ ତିଳ ତେଲ, ରାହୁ ଓ କେତୁଙ୍କ ପାଇଁ କଳା ତିଳ ଓ କୁଶ ଅର୍ପଣ କରି ପୂଜା କରାଯାଏ।

ଶିବ ପୂଜା ଦ୍ୱାରା ଗ୍ରହଦୋଷ ଦୂର ହୁଏ ଏବଂ ଜୀବନରେ ସୁଖ ଶାନ୍ତି ଆସେ। ଭକ୍ତି ସହ ଏହି ବିଧାନ ପାଳନ କଲେ ମଙ୍ଗଳ ହୁଏ ବୋଲି ଶାସ୍ତ୍ରରେ କୁହାଯାଇଛି।

ଶିବ ବିଶ୍ୱାସ, ଦୋଷରହିତ ହୋଇ ଶିବଙ୍କ ଶରଣାପନ୍ନ ହେଲେ ସବୁ ଦୁଃଖ ଦୂର ହୁଏ। ସେ ମହାନ।

ମହାଶିବ ରାତ୍ରି ଅର୍ଥାତ୍ ଫାଲଗୁନ କୃଷ୍ଣ ଚତୁର୍ଦ୍ଦଶୀ ହେଉଛି ଶିବ ଜ୍ୟୋତିର୍ଲିଙ୍ଗ ପ୍ରକଟ ହେବାର ଶୁଭ ସମୟ। ଏହି ସମୟରେ ଶିବ ପୂଜା କଲେ ନବଗ୍ରହ ଶାନ୍ତି ମିଳେ।

ପିପି ସରକାର ଲେନ୍, କଟକ,
ଦୂରଭାଷ : ୯୪୩୭୦୩୧୨୭୬୩
